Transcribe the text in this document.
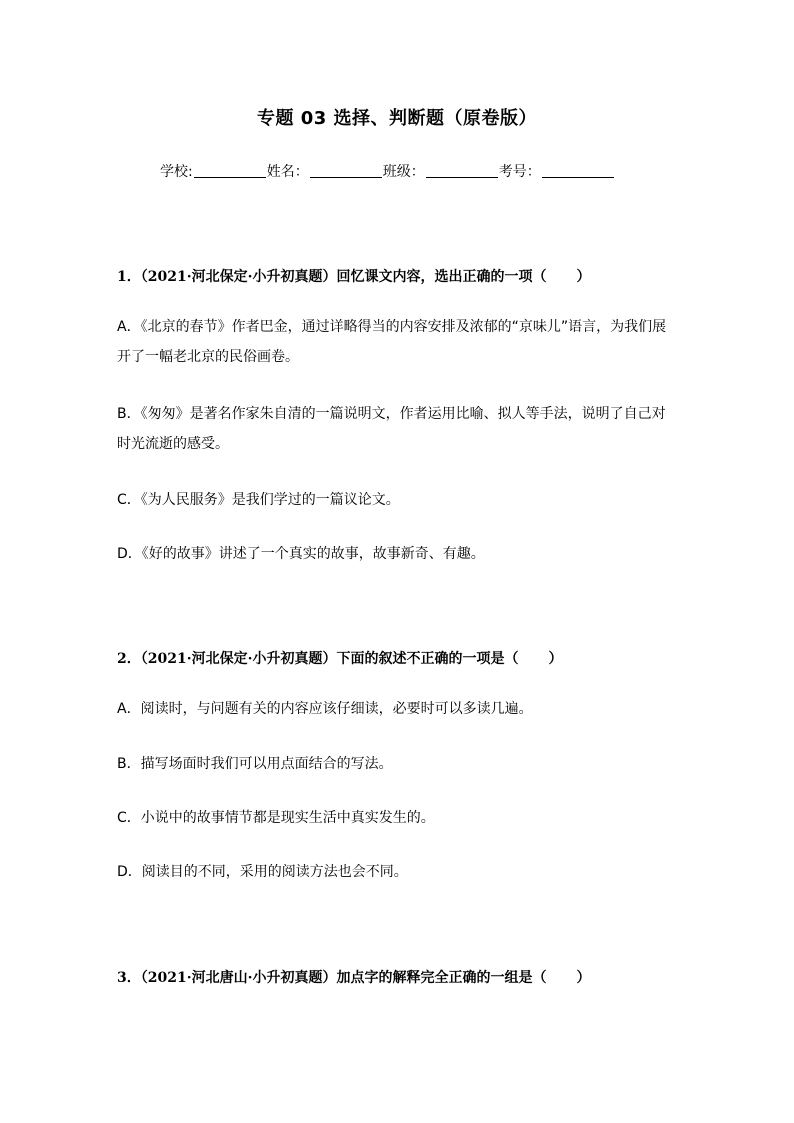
专题 03 选择、判断题（原卷版）
学校:	姓名：	班级：	考号：
1．（2021·河北保定·小升初真题）回忆课文内容，选出正确的一项（ ）
A．《北京的春节》作者巴金，通过详略得当的内容安排及浓郁的“京味儿”语言，为我们展开了一幅老北京的民俗画卷。
B．《匆匆》是著名作家朱自清的一篇说明文，作者运用比喻、拟人等手法，说明了自己对时光流逝的感受。
C．《为人民服务》是我们学过的一篇议论文。
D．《好的故事》讲述了一个真实的故事，故事新奇、有趣。
2．（2021·河北保定·小升初真题）下面的叙述不正确的一项是（ ）
A．阅读时，与问题有关的内容应该仔细读，必要时可以多读几遍。
B．描写场面时我们可以用点面结合的写法。
C．小说中的故事情节都是现实生活中真实发生的。
D．阅读目的不同，采用的阅读方法也会不同。
3．（2021·河北唐山·小升初真题）加点字的解释完全正确的一组是（ ）
